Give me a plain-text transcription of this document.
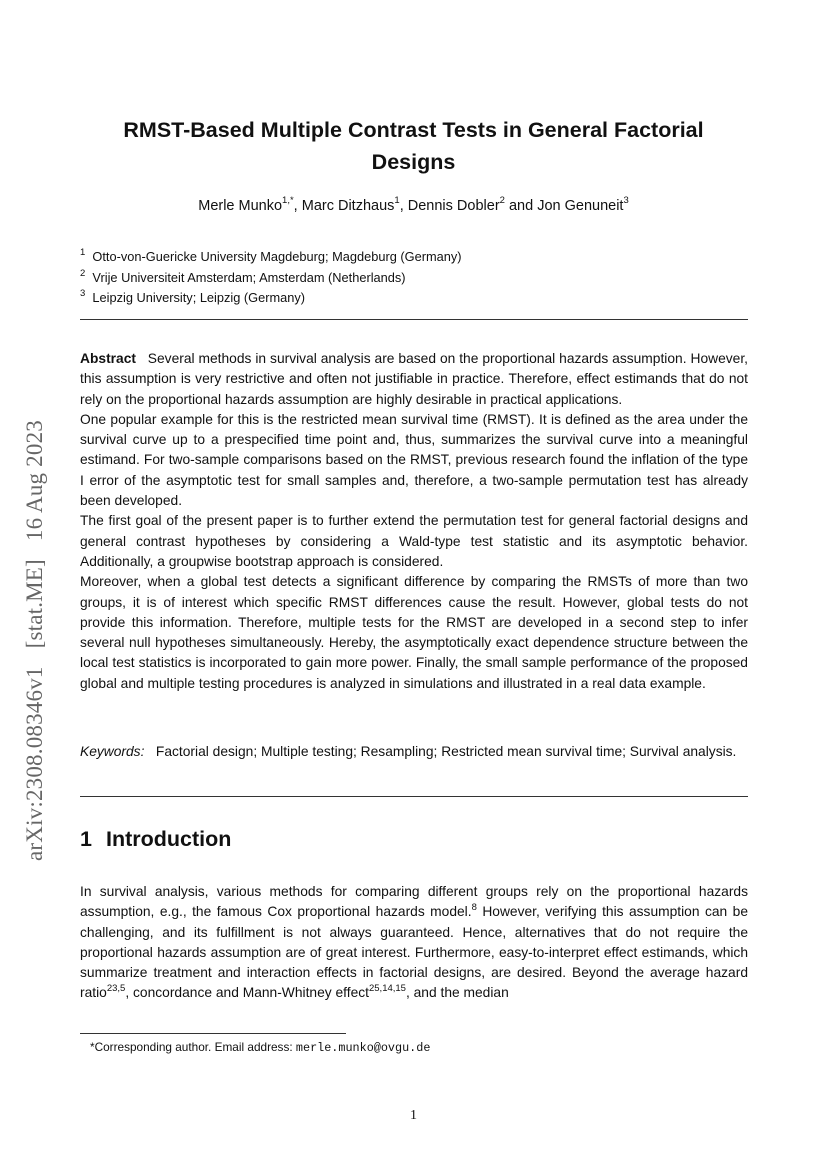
arXiv:2308.08346v1[stat.ME]16 Aug 2023
RMST-Based Multiple Contrast Tests in General Factorial Designs
Merle Munko$^{1,*}$, Marc Ditzhaus$^1$, Dennis Dobler$^2$ and Jon Genuneit$^3$
$^1$ Otto-von-Guericke University Magdeburg; Magdeburg (Germany)
$^2$ Vrije Universiteit Amsterdam; Amsterdam (Netherlands)
$^3$ Leipzig University; Leipzig (Germany)

Abstract Several methods in survival analysis are based on the proportional hazards assumption. However, this assumption is very restrictive and often not justifiable in practice. Therefore, effect estimands that do not rely on the proportional hazards assumption are highly desirable in practical applications.

One popular example for this is the restricted mean survival time (RMST). It is defined as the area under the survival curve up to a prespecified time point and, thus, summarizes the survival curve into a meaningful estimand. For two-sample comparisons based on the RMST, previous research found the inflation of the type I error of the asymptotic test for small samples and, therefore, a two-sample permutation test has already been developed.

The first goal of the present paper is to further extend the permutation test for general factorial designs and general contrast hypotheses by considering a Wald-type test statistic and its asymptotic behavior. Additionally, a groupwise bootstrap approach is considered.

Moreover, when a global test detects a significant difference by comparing the RMSTs of more than two groups, it is of interest which specific RMST differences cause the result. However, global tests do not provide this information. Therefore, multiple tests for the RMST are developed in a second step to infer several null hypotheses simultaneously. Hereby, the asymptotically exact dependence structure between the local test statistics is incorporated to gain more power. Finally, the small sample performance of the proposed global and multiple testing procedures is analyzed in simulations and illustrated in a real data example.

Keywords: Factorial design; Multiple testing; Resampling; Restricted mean survival time; Survival analysis.
1 Introduction
In survival analysis, various methods for comparing different groups rely on the proportional hazards assumption, e.g., the famous Cox proportional hazards model.$^8$ However, verifying this assumption can be challenging, and its fulfillment is not always guaranteed. Hence, alternatives that do not require the proportional hazards assumption are of great interest. Furthermore, easy-to-interpret effect estimands, which summarize treatment and interaction effects in factorial designs, are desired. Beyond the average hazard ratio$^{23,5}$, concordance and Mann-Whitney effect$^{25,14,15}$, and the median
*Corresponding author. Email address: merle.munko@ovgu.de
1
